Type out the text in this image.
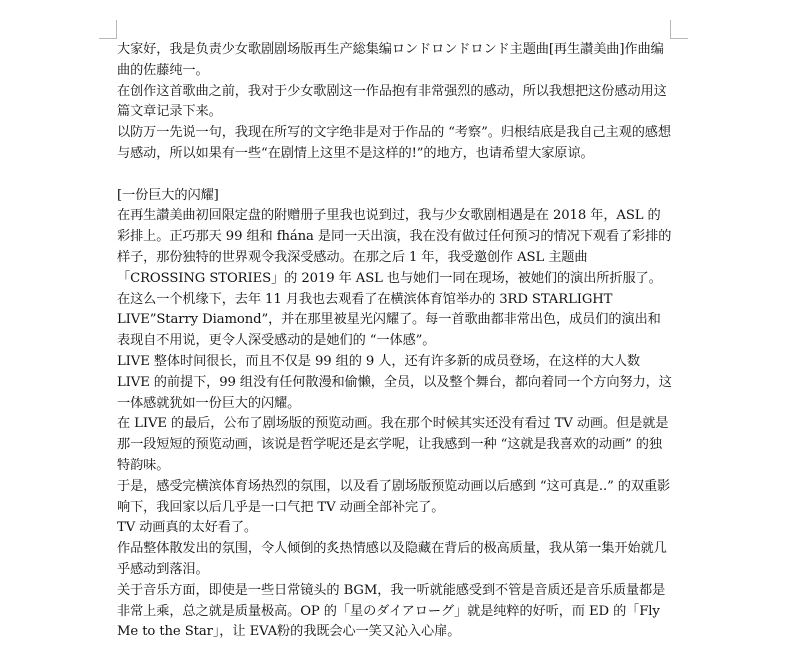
大家好，我是负责少女歌剧剧场版再生产総集编ロンドロンドロンド主题曲[再生讃美曲]作曲编曲的佐藤纯一。

在创作这首歌曲之前，我对于少女歌剧这一作品抱有非常强烈的感动，所以我想把这份感动用这篇文章记录下来。

以防万一先说一句，我现在所写的文字绝非是对于作品的 “考察”。归根结底是我自己主观的感想与感动，所以如果有一些“在剧情上这里不是这样的!”的地方，也请希望大家原谅。

[一份巨大的闪耀]

在再生讃美曲初回限定盘的附赠册子里我也说到过，我与少女歌剧相遇是在 2018 年，ASL 的彩排上。正巧那天 99 组和 fhána 是同一天出演，我在没有做过任何预习的情况下观看了彩排的样子，那份独特的世界观令我深受感动。在那之后 1 年，我受邀创作 ASL 主题曲「CROSSING STORIES」的 2019 年 ASL 也与她们一同在现场，被她们的演出所折服了。

在这么一个机缘下，去年 11 月我也去观看了在横滨体育馆举办的 3RD STARLIGHT LIVE”Starry Diamond”，并在那里被星光闪耀了。每一首歌曲都非常出色，成员们的演出和表现自不用说，更令人深受感动的是她们的 “一体感”。

LIVE 整体时间很长，而且不仅是 99 组的 9 人，还有许多新的成员登场，在这样的大人数 LIVE 的前提下，99 组没有任何散漫和偷懒，全员，以及整个舞台，都向着同一个方向努力，这一体感就犹如一份巨大的闪耀。

在 LIVE 的最后，公布了剧场版的预览动画。我在那个时候其实还没有看过 TV 动画。但是就是那一段短短的预览动画，该说是哲学呢还是玄学呢，让我感到一种 “这就是我喜欢的动画” 的独特韵味。

于是，感受完横滨体育场热烈的氛围，以及看了剧场版预览动画以后感到 “这可真是..” 的双重影响下，我回家以后几乎是一口气把 TV 动画全部补完了。

TV 动画真的太好看了。

作品整体散发出的氛围，令人倾倒的炙热情感以及隐藏在背后的极高质量，我从第一集开始就几乎感动到落泪。

关于音乐方面，即使是一些日常镜头的 BGM，我一听就能感受到不管是音质还是音乐质量都是非常上乘，总之就是质量极高。OP 的「星のダイアローグ」就是纯粹的好听，而 ED 的「Fly Me to the Star」，让 EVA粉的我既会心一笑又沁入心扉。
